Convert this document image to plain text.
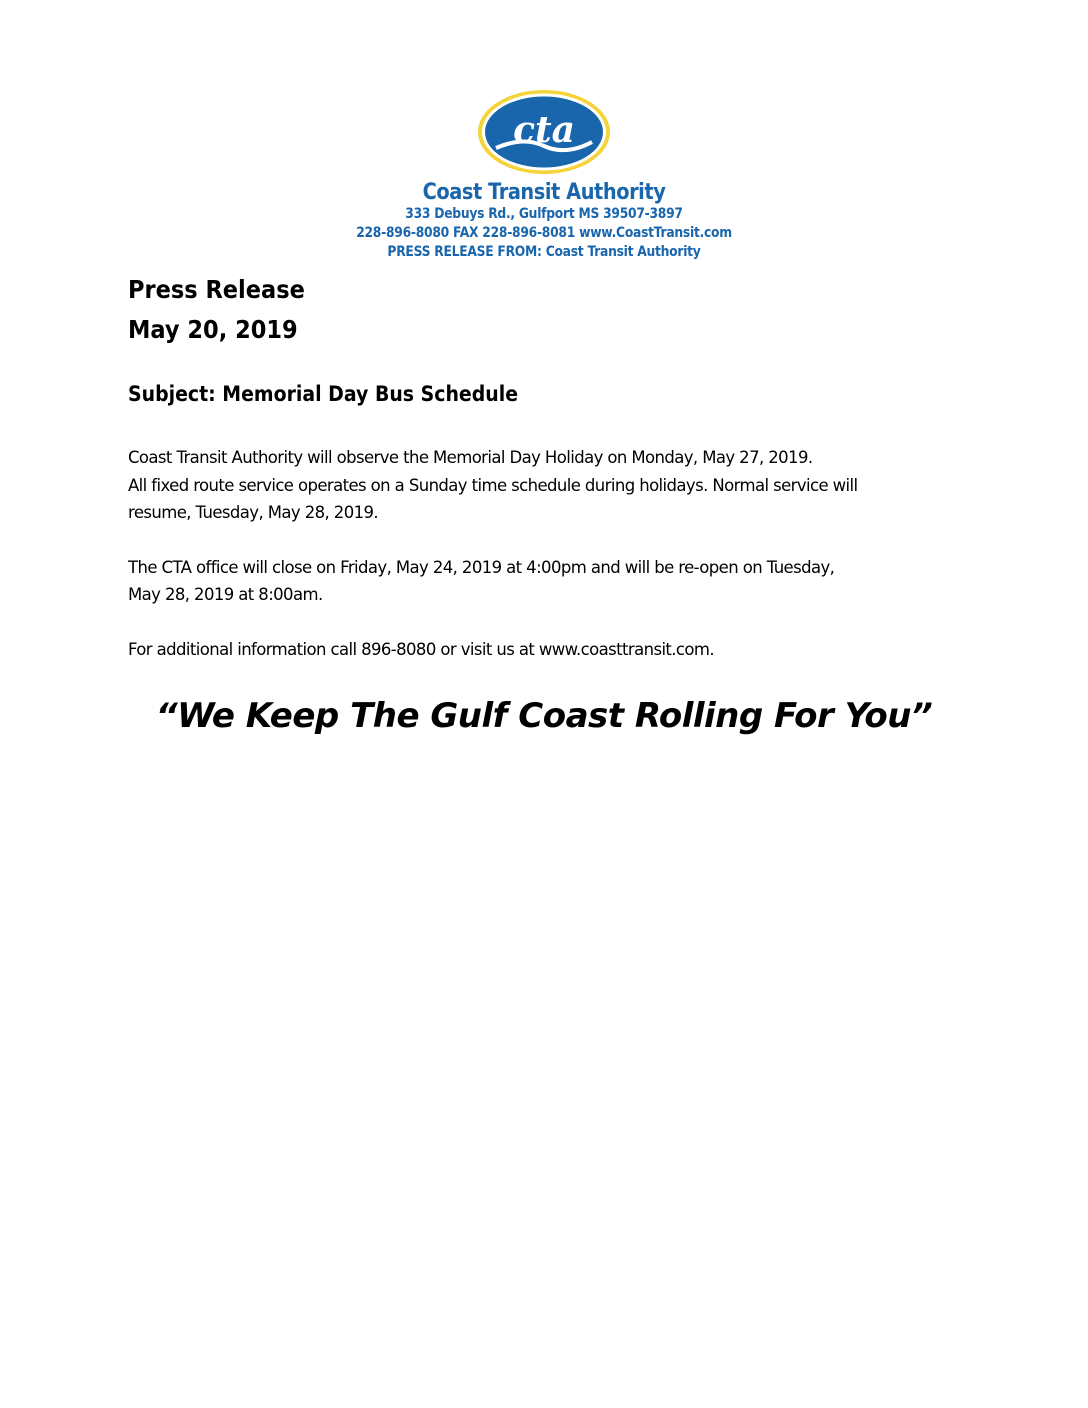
cta
Coast Transit Authority
333 Debuys Rd., Gulfport MS 39507-3897
228-896-8080 FAX 228-896-8081 www.CoastTransit.com
PRESS RELEASE FROM: Coast Transit Authority
Press Release
May 20, 2019
Subject: Memorial Day Bus Schedule
Coast Transit Authority will observe the Memorial Day Holiday on Monday, May 27, 2019.
All fixed route service operates on a Sunday time schedule during holidays. Normal service will
resume, Tuesday, May 28, 2019.
The CTA office will close on Friday, May 24, 2019 at 4:00pm and will be re-open on Tuesday,
May 28, 2019 at 8:00am.
For additional information call 896-8080 or visit us at www.coasttransit.com.
“We Keep The Gulf Coast Rolling For You”
